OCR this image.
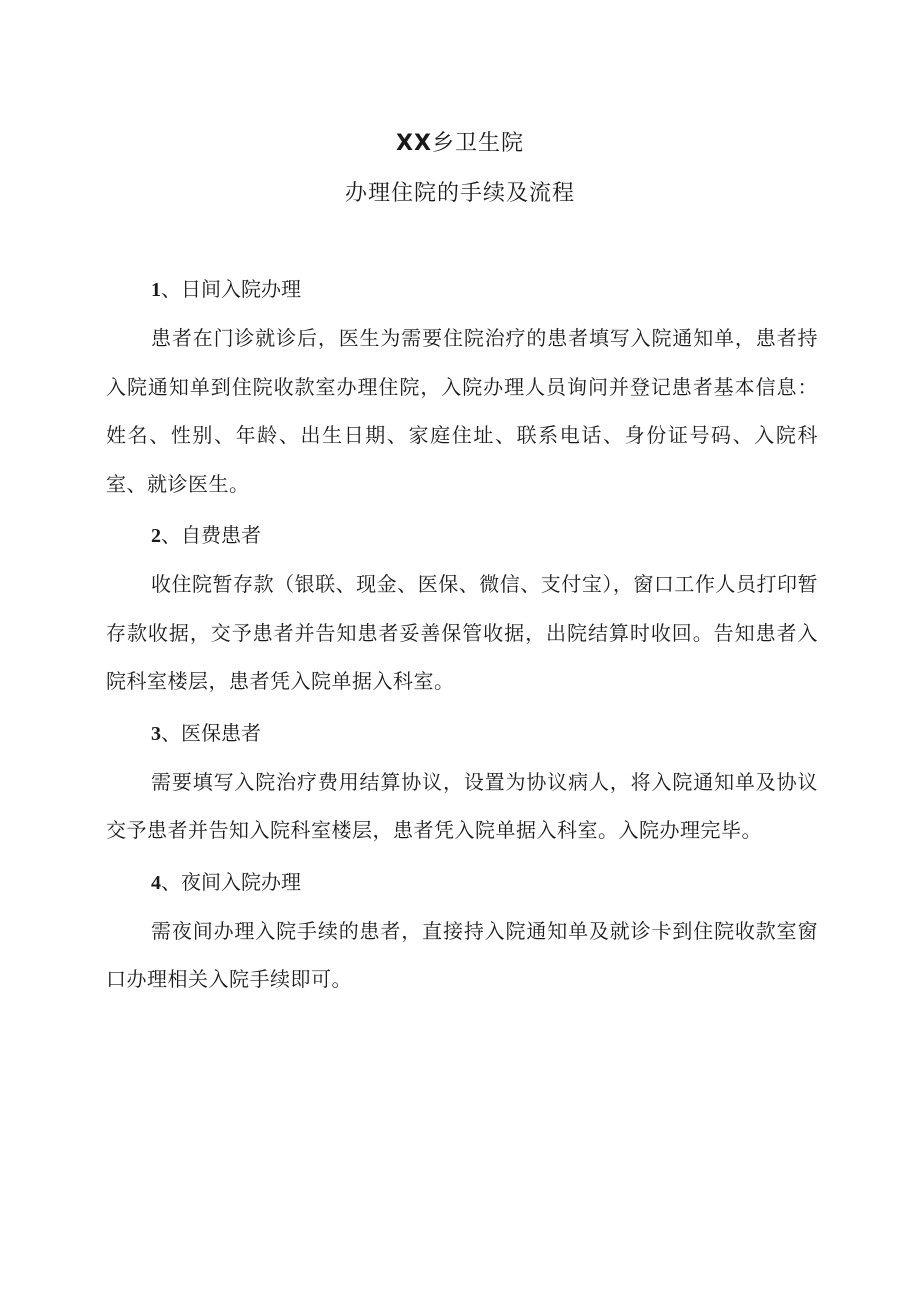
XX乡卫生院
办理住院的手续及流程

1、日间入院办理

患者在门诊就诊后，医生为需要住院治疗的患者填写入院通知单，患者持入院通知单到住院收款室办理住院，入院办理人员询问并登记患者基本信息：姓名、性别、年龄、出生日期、家庭住址、联系电话、身份证号码、入院科室、就诊医生。

2、自费患者

收住院暂存款（银联、现金、医保、微信、支付宝），窗口工作人员打印暂存款收据，交予患者并告知患者妥善保管收据，出院结算时收回。告知患者入院科室楼层，患者凭入院单据入科室。

3、医保患者

需要填写入院治疗费用结算协议，设置为协议病人，将入院通知单及协议交予患者并告知入院科室楼层，患者凭入院单据入科室。入院办理完毕。

4、夜间入院办理

需夜间办理入院手续的患者，直接持入院通知单及就诊卡到住院收款室窗口办理相关入院手续即可。
